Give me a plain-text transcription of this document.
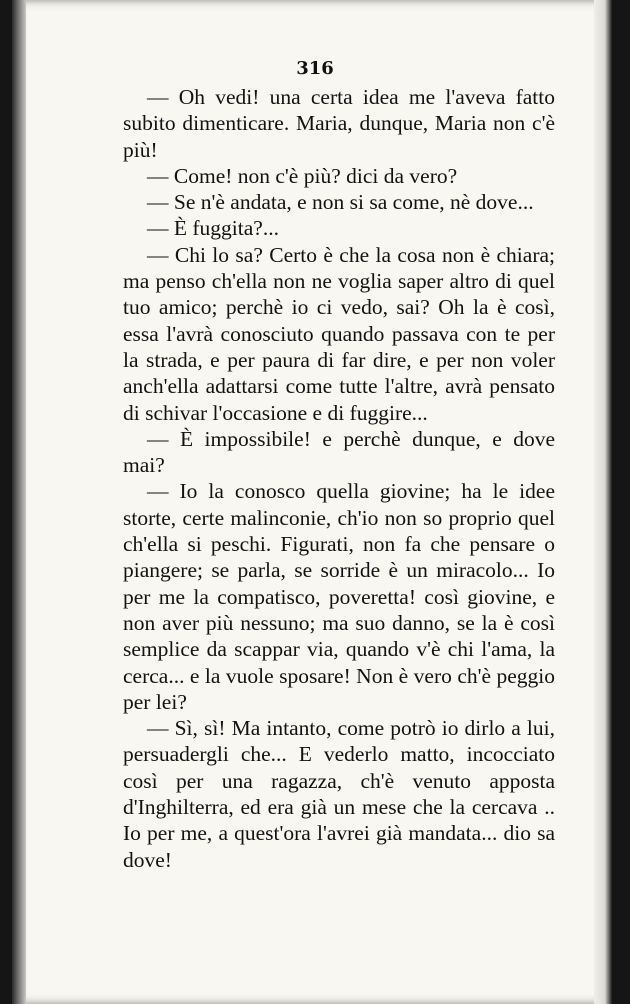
316

— Oh vedi! una certa idea me l'aveva fatto subito dimenticare. Maria, dunque, Maria non c'è più!

— Come! non c'è più? dici da vero?

— Se n'è andata, e non si sa come, nè dove...

— È fuggita?...

— Chi lo sa? Certo è che la cosa non è chiara; ma penso ch'ella non ne voglia saper altro di quel tuo amico; perchè io ci vedo, sai? Oh la è così, essa l'avrà conosciuto quando passava con te per la strada, e per paura di far dire, e per non voler anch'ella adattarsi come tutte l'altre, avrà pensato di schivar l'occasione e di fuggire...

— È impossibile! e perchè dunque, e dove mai?

— Io la conosco quella giovine; ha le idee storte, certe malinconie, ch'io non so proprio quel ch'ella si peschi. Figurati, non fa che pensare o piangere; se parla, se sorride è un miracolo... Io per me la compatisco, poveretta! così giovine, e non aver più nessuno; ma suo danno, se la è così semplice da scappar via, quando v'è chi l'ama, la cerca... e la vuole sposare! Non è vero ch'è peggio per lei?

— Sì, sì! Ma intanto, come potrò io dirlo a lui, persuadergli che... E vederlo matto, incocciato così per una ragazza, ch'è venuto apposta d'Inghilterra, ed era già un mese che la cercava .. Io per me, a quest'ora l'avrei già mandata... dio sa dove!
